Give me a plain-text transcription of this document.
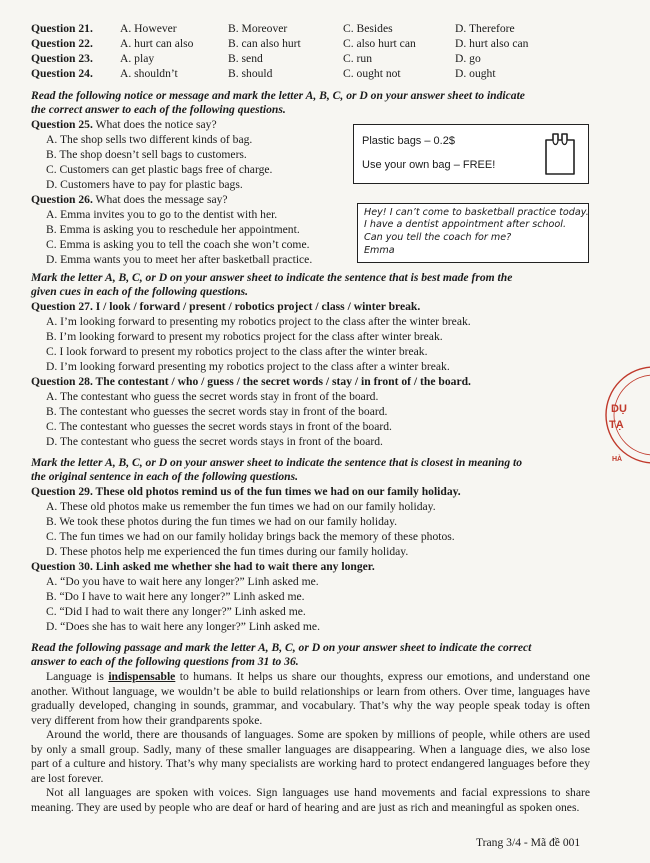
Question 21. A. However	B. Moreover	C. Besides	D. Therefore
Question 22. A. hurt can also	B. can also hurt	C. also hurt can	D. hurt also can
Question 23. A. play	B. send	C. run	D. go
Question 24. A. shouldn’t	B. should	C. ought not	D. ought
Read the following notice or message and mark the letter A, B, C, or D on your answer sheet to indicate
the correct answer to each of the following questions.
Question 25. What does the notice say?
A. The shop sells two different kinds of bag.
B. The shop doesn’t sell bags to customers.
C. Customers can get plastic bags free of charge.
D. Customers have to pay for plastic bags.
Plastic bags – 0.2$
Use your own bag – FREE!
Question 26. What does the message say?
A. Emma invites you to go to the dentist with her.
B. Emma is asking you to reschedule her appointment.
C. Emma is asking you to tell the coach she won’t come.
D. Emma wants you to meet her after basketball practice.
Hey! I can’t come to basketball practice today.
I have a dentist appointment after school.
Can you tell the coach for me?
Emma
Mark the letter A, B, C, or D on your answer sheet to indicate the sentence that is best made from the
given cues in each of the following questions.
Question 27. I / look / forward / present / robotics project / class / winter break.
A. I’m looking forward to presenting my robotics project to the class after the winter break.
B. I’m looking forward to present my robotics project for the class after winter break.
C. I look forward to present my robotics project to the class after the winter break.
D. I’m looking forward presenting my robotics project to the class after a winter break.
Question 28. The contestant / who / guess / the secret words / stay / in front of / the board.
A. The contestant who guess the secret words stay in front of the board.
B. The contestant who guesses the secret words stay in front of the board.
C. The contestant who guesses the secret words stays in front of the board.
D. The contestant who guess the secret words stays in front of the board.
Mark the letter A, B, C, or D on your answer sheet to indicate the sentence that is closest in meaning to
the original sentence in each of the following questions.
Question 29. These old photos remind us of the fun times we had on our family holiday.
A. These old photos make us remember the fun times we had on our family holiday.
B. We took these photos during the fun times we had on our family holiday.
C. The fun times we had on our family holiday brings back the memory of these photos.
D. These photos help me experienced the fun times during our family holiday.
Question 30. Linh asked me whether she had to wait there any longer.
A. “Do you have to wait here any longer?” Linh asked me.
B. “Do I have to wait here any longer?” Linh asked me.
C. “Did I had to wait there any longer?” Linh asked me.
D. “Does she has to wait here any longer?” Linh asked me.
Read the following passage and mark the letter A, B, C, or D on your answer sheet to indicate the correct
answer to each of the following questions from 31 to 36.
Language is indispensable to humans. It helps us share our thoughts, express our emotions, and understand one another. Without language, we wouldn’t be able to build relationships or learn from others. Over time, languages have gradually developed, changing in sounds, grammar, and vocabulary. That’s why the way people speak today is often very different from how their grandparents spoke.
Around the world, there are thousands of languages. Some are spoken by millions of people, while others are used by only a small group. Sadly, many of these smaller languages are disappearing. When a language dies, we also lose part of a culture and history. That’s why many specialists are working hard to protect endangered languages before they are lost forever.
Not all languages are spoken with voices. Sign languages use hand movements and facial expressions to share meaning. They are used by people who are deaf or hard of hearing and are just as rich and meaningful as spoken ones.
Trang 3/4 - Mã đề 001
DỤ
TẠ
HÀ
